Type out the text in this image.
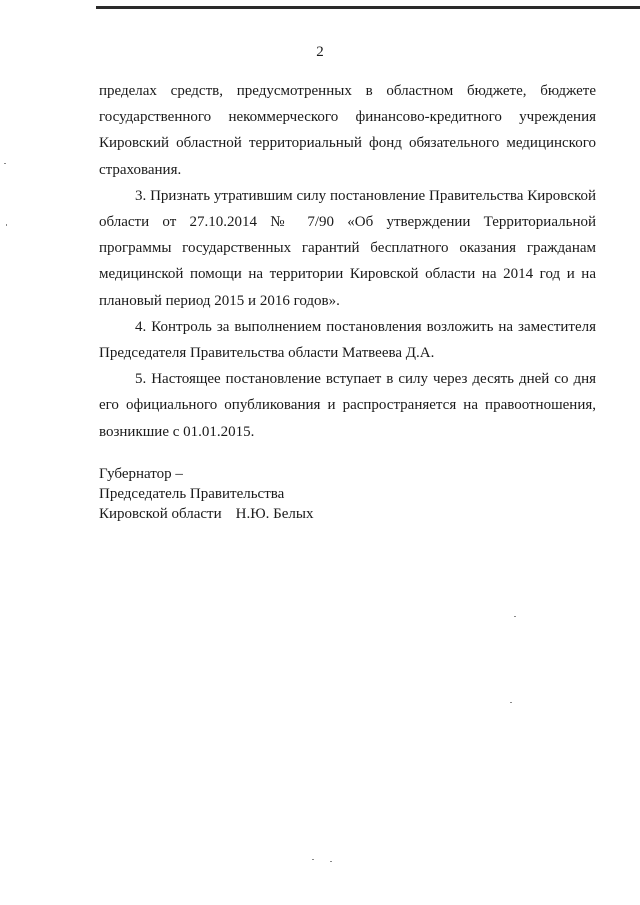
2

пределах средств, предусмотренных в областном бюджете, бюджете государственного некоммерческого финансово-кредитного учреждения Кировский областной территориальный фонд обязательного медицинского страхования.

3. Признать утратившим силу постановление Правительства Кировской области от 27.10.2014 № 7/90 «Об утверждении Территориальной программы государственных гарантий бесплатного оказания гражданам медицинской помощи на территории Кировской области на 2014 год и на плановый период 2015 и 2016 годов».

4. Контроль за выполнением постановления возложить на заместителя Председателя Правительства области Матвеева Д.А.

5. Настоящее постановление вступает в силу через десять дней со дня его официального опубликования и распространяется на правоотношения, возникшие с 01.01.2015.

Губернатор –
Председатель Правительства
Кировской области Н.Ю. Белых
